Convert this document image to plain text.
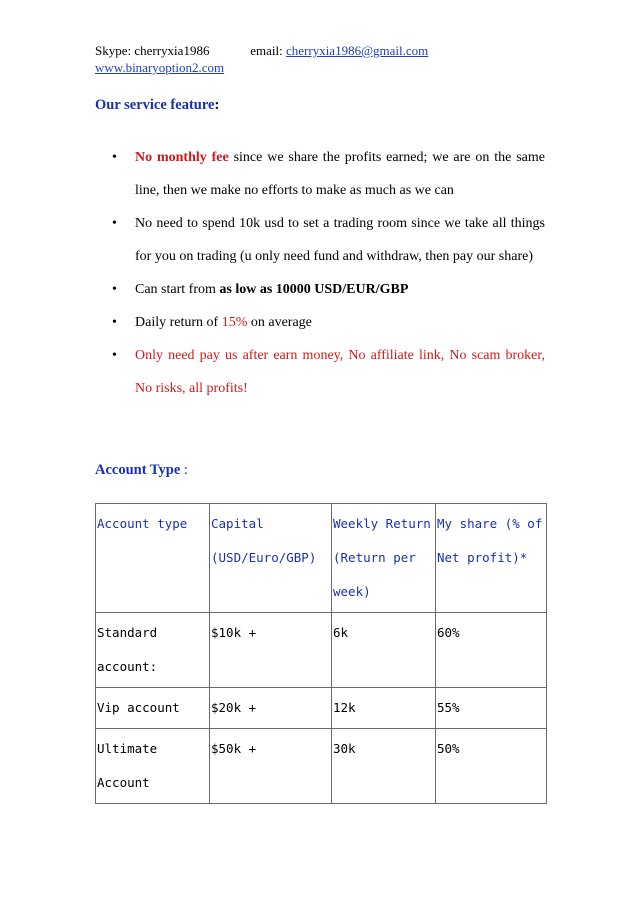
Skype: cherryxia1986	email: cherryxia1986@gmail.com
www.binaryoption2.com
Our service feature:
• No monthly fee since we share the profits earned; we are on the same line, then we make no efforts to make as much as we can
• No need to spend 10k usd to set a trading room since we take all things for you on trading (u only need fund and withdraw, then pay our share)
• Can start from as low as 10000 USD/EUR/GBP
• Daily return of 15% on average
• Only need pay us after earn money, No affiliate link, No scam broker, No risks, all profits!
Account Type :
Account type	Capital (USD/Euro/GBP)	Weekly Return (Return per week)	My share (% of Net profit)*
Standard account:	$10k +	6k	60%
Vip account	$20k +	12k	55%
Ultimate Account	$50k +	30k	50%
